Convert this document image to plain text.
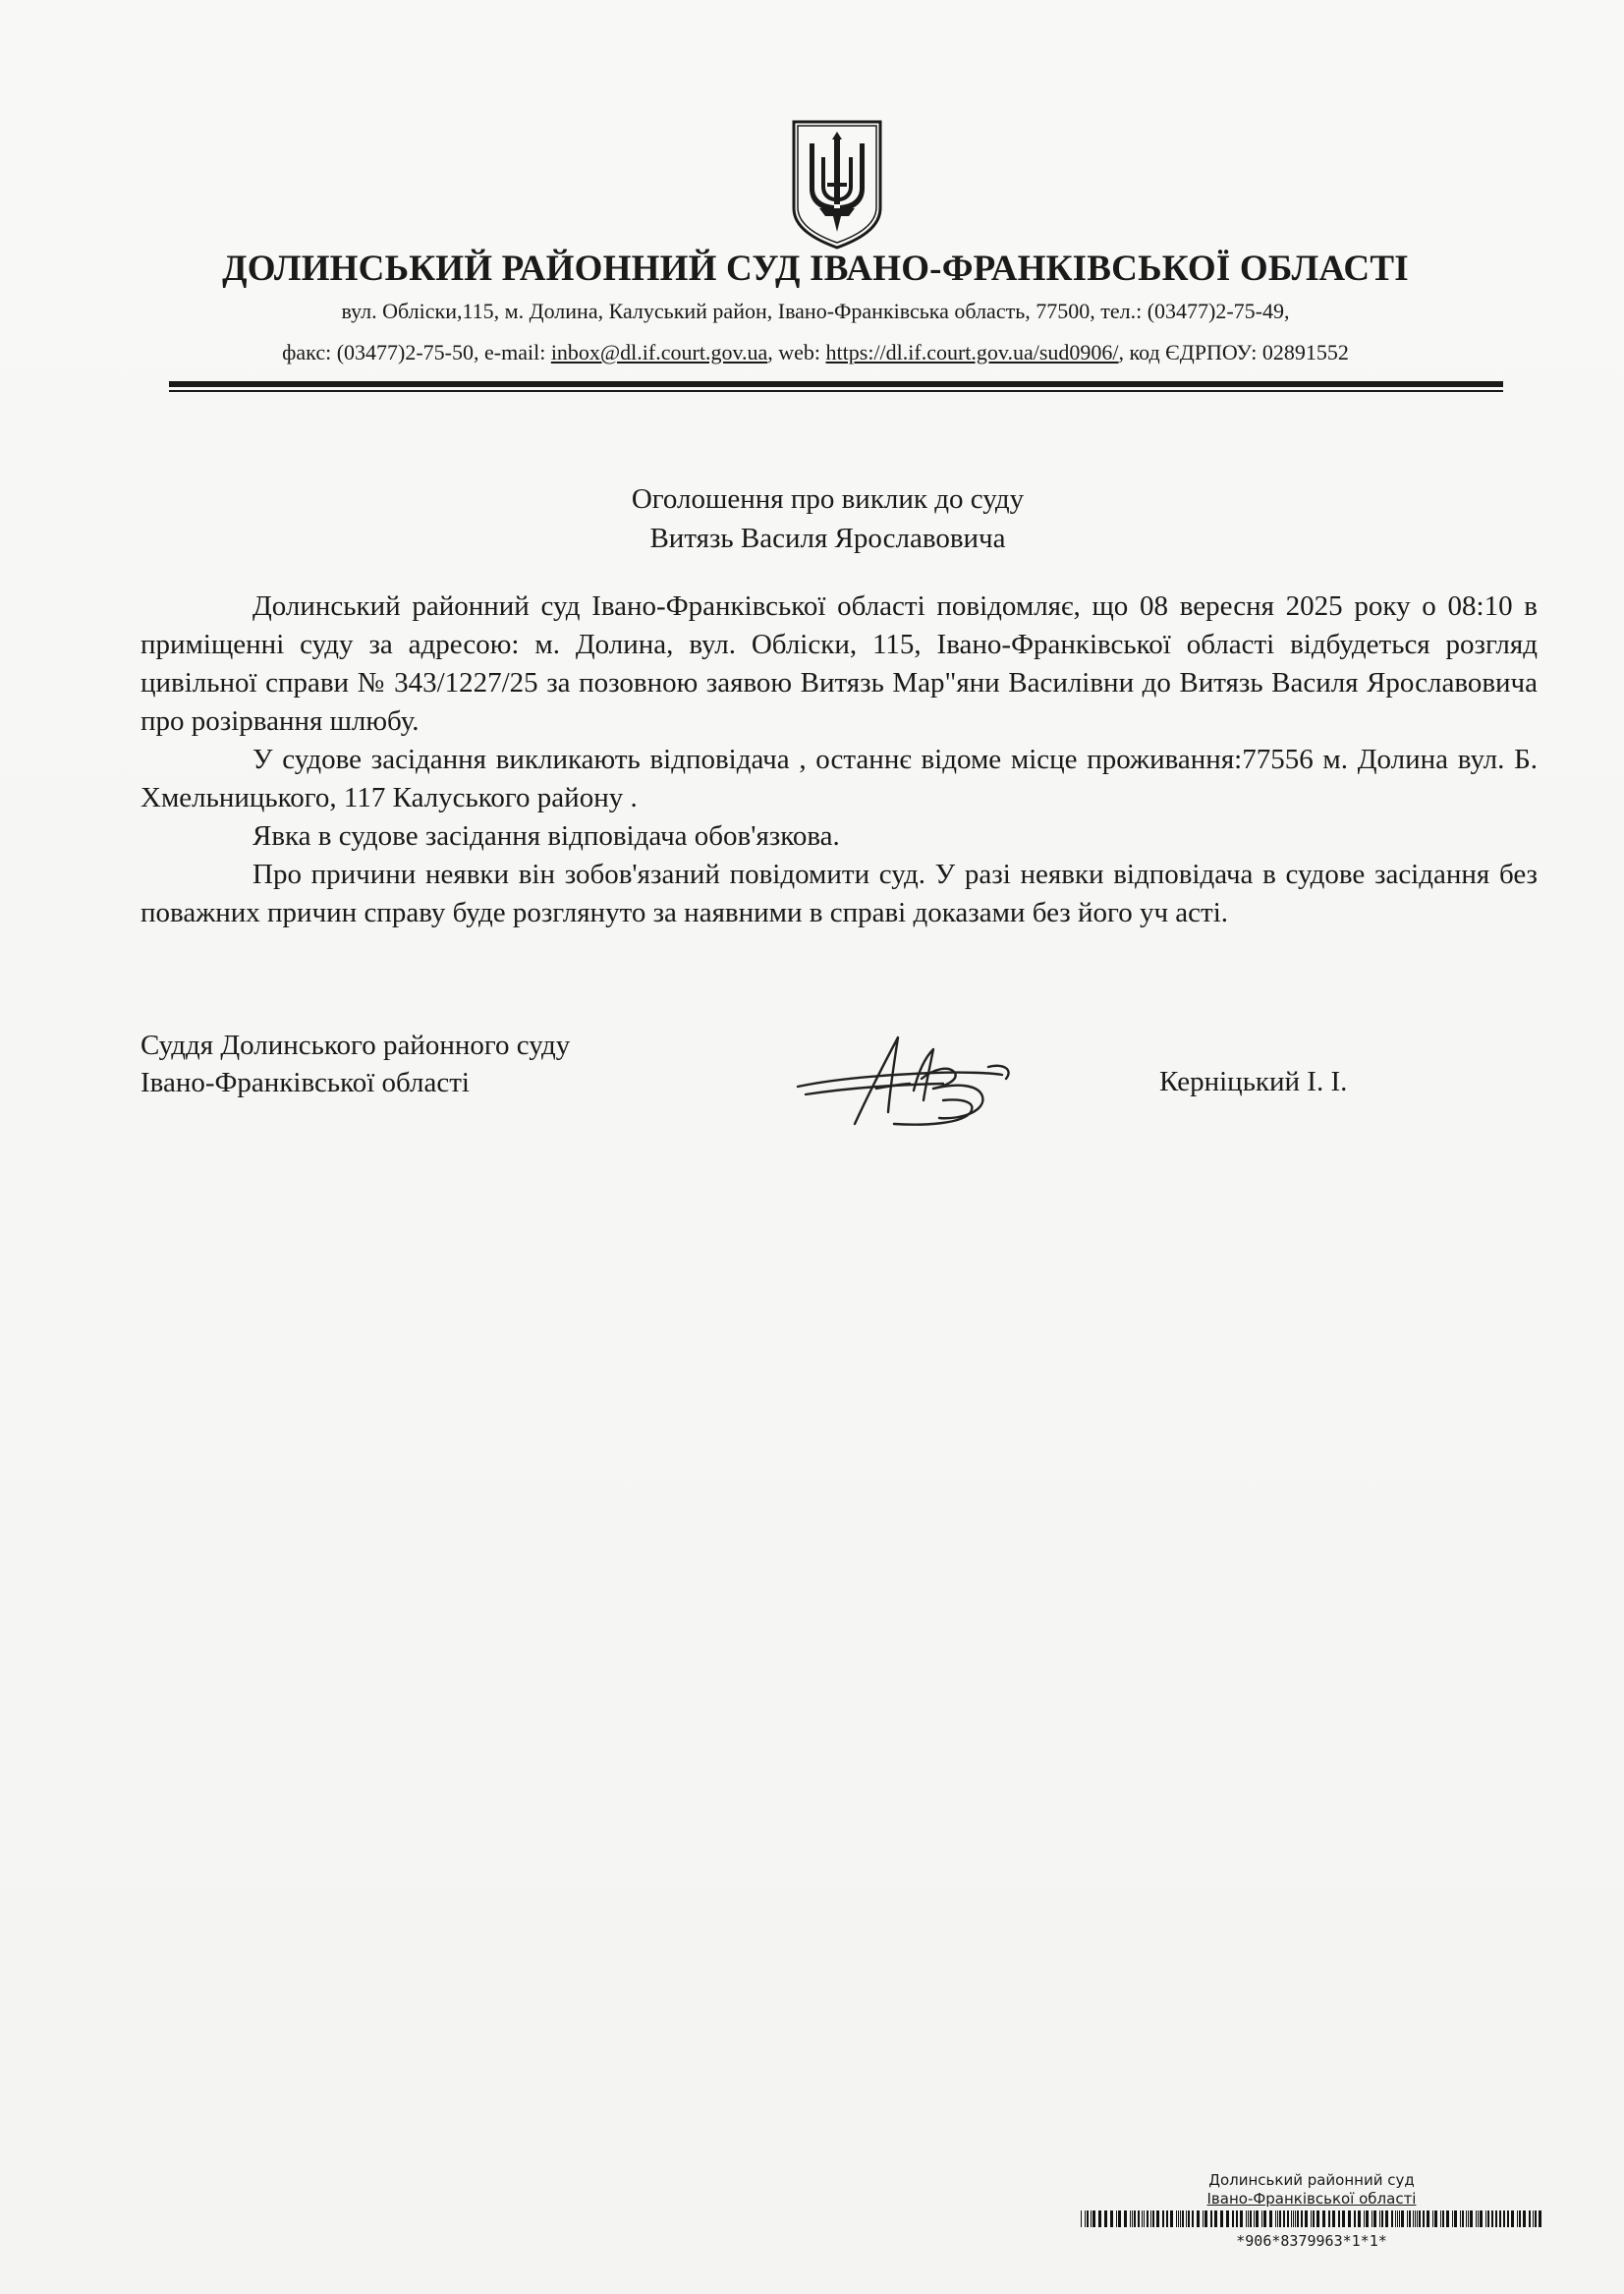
ДОЛИНСЬКИЙ РАЙОННИЙ СУД ІВАНО-ФРАНКІВСЬКОЇ ОБЛАСТІ
вул. Обліски,115, м. Долина, Калуський район, Івано-Франківська область, 77500, тел.: (03477)2-75-49,
факс: (03477)2-75-50, e-mail: inbox@dl.if.court.gov.ua, web: https://dl.if.court.gov.ua/sud0906/, код ЄДРПОУ: 02891552
Оголошення про виклик до суду
Витязь Василя Ярославовича

Долинський районний суд Івано-Франківської області повідомляє, що 08 вересня 2025 року о 08:10 в приміщенні суду за адресою: м. Долина, вул. Обліски, 115, Івано-Франківської області відбудеться розгляд цивільної справи № 343/1227/25 за позовною заявою Витязь Мар"яни Василівни до Витязь Василя Ярославовича про розірвання шлюбу.

У судове засідання викликають відповідача , останнє відоме місце проживання:77556 м. Долина вул. Б. Хмельницького, 117 Калуського району .

Явка в судове засідання відповідача обов'язкова.

Про причини неявки він зобов'язаний повідомити суд. У разі неявки відповідача в судове засідання без поважних причин справу буде розглянуто за наявними в справі доказами без його уч асті.

Суддя Долинського районного суду
Івано-Франківської області	Керніцький І. І.
Долинський районний суд
Івано-Франківської області
*906*8379963*1*1*
